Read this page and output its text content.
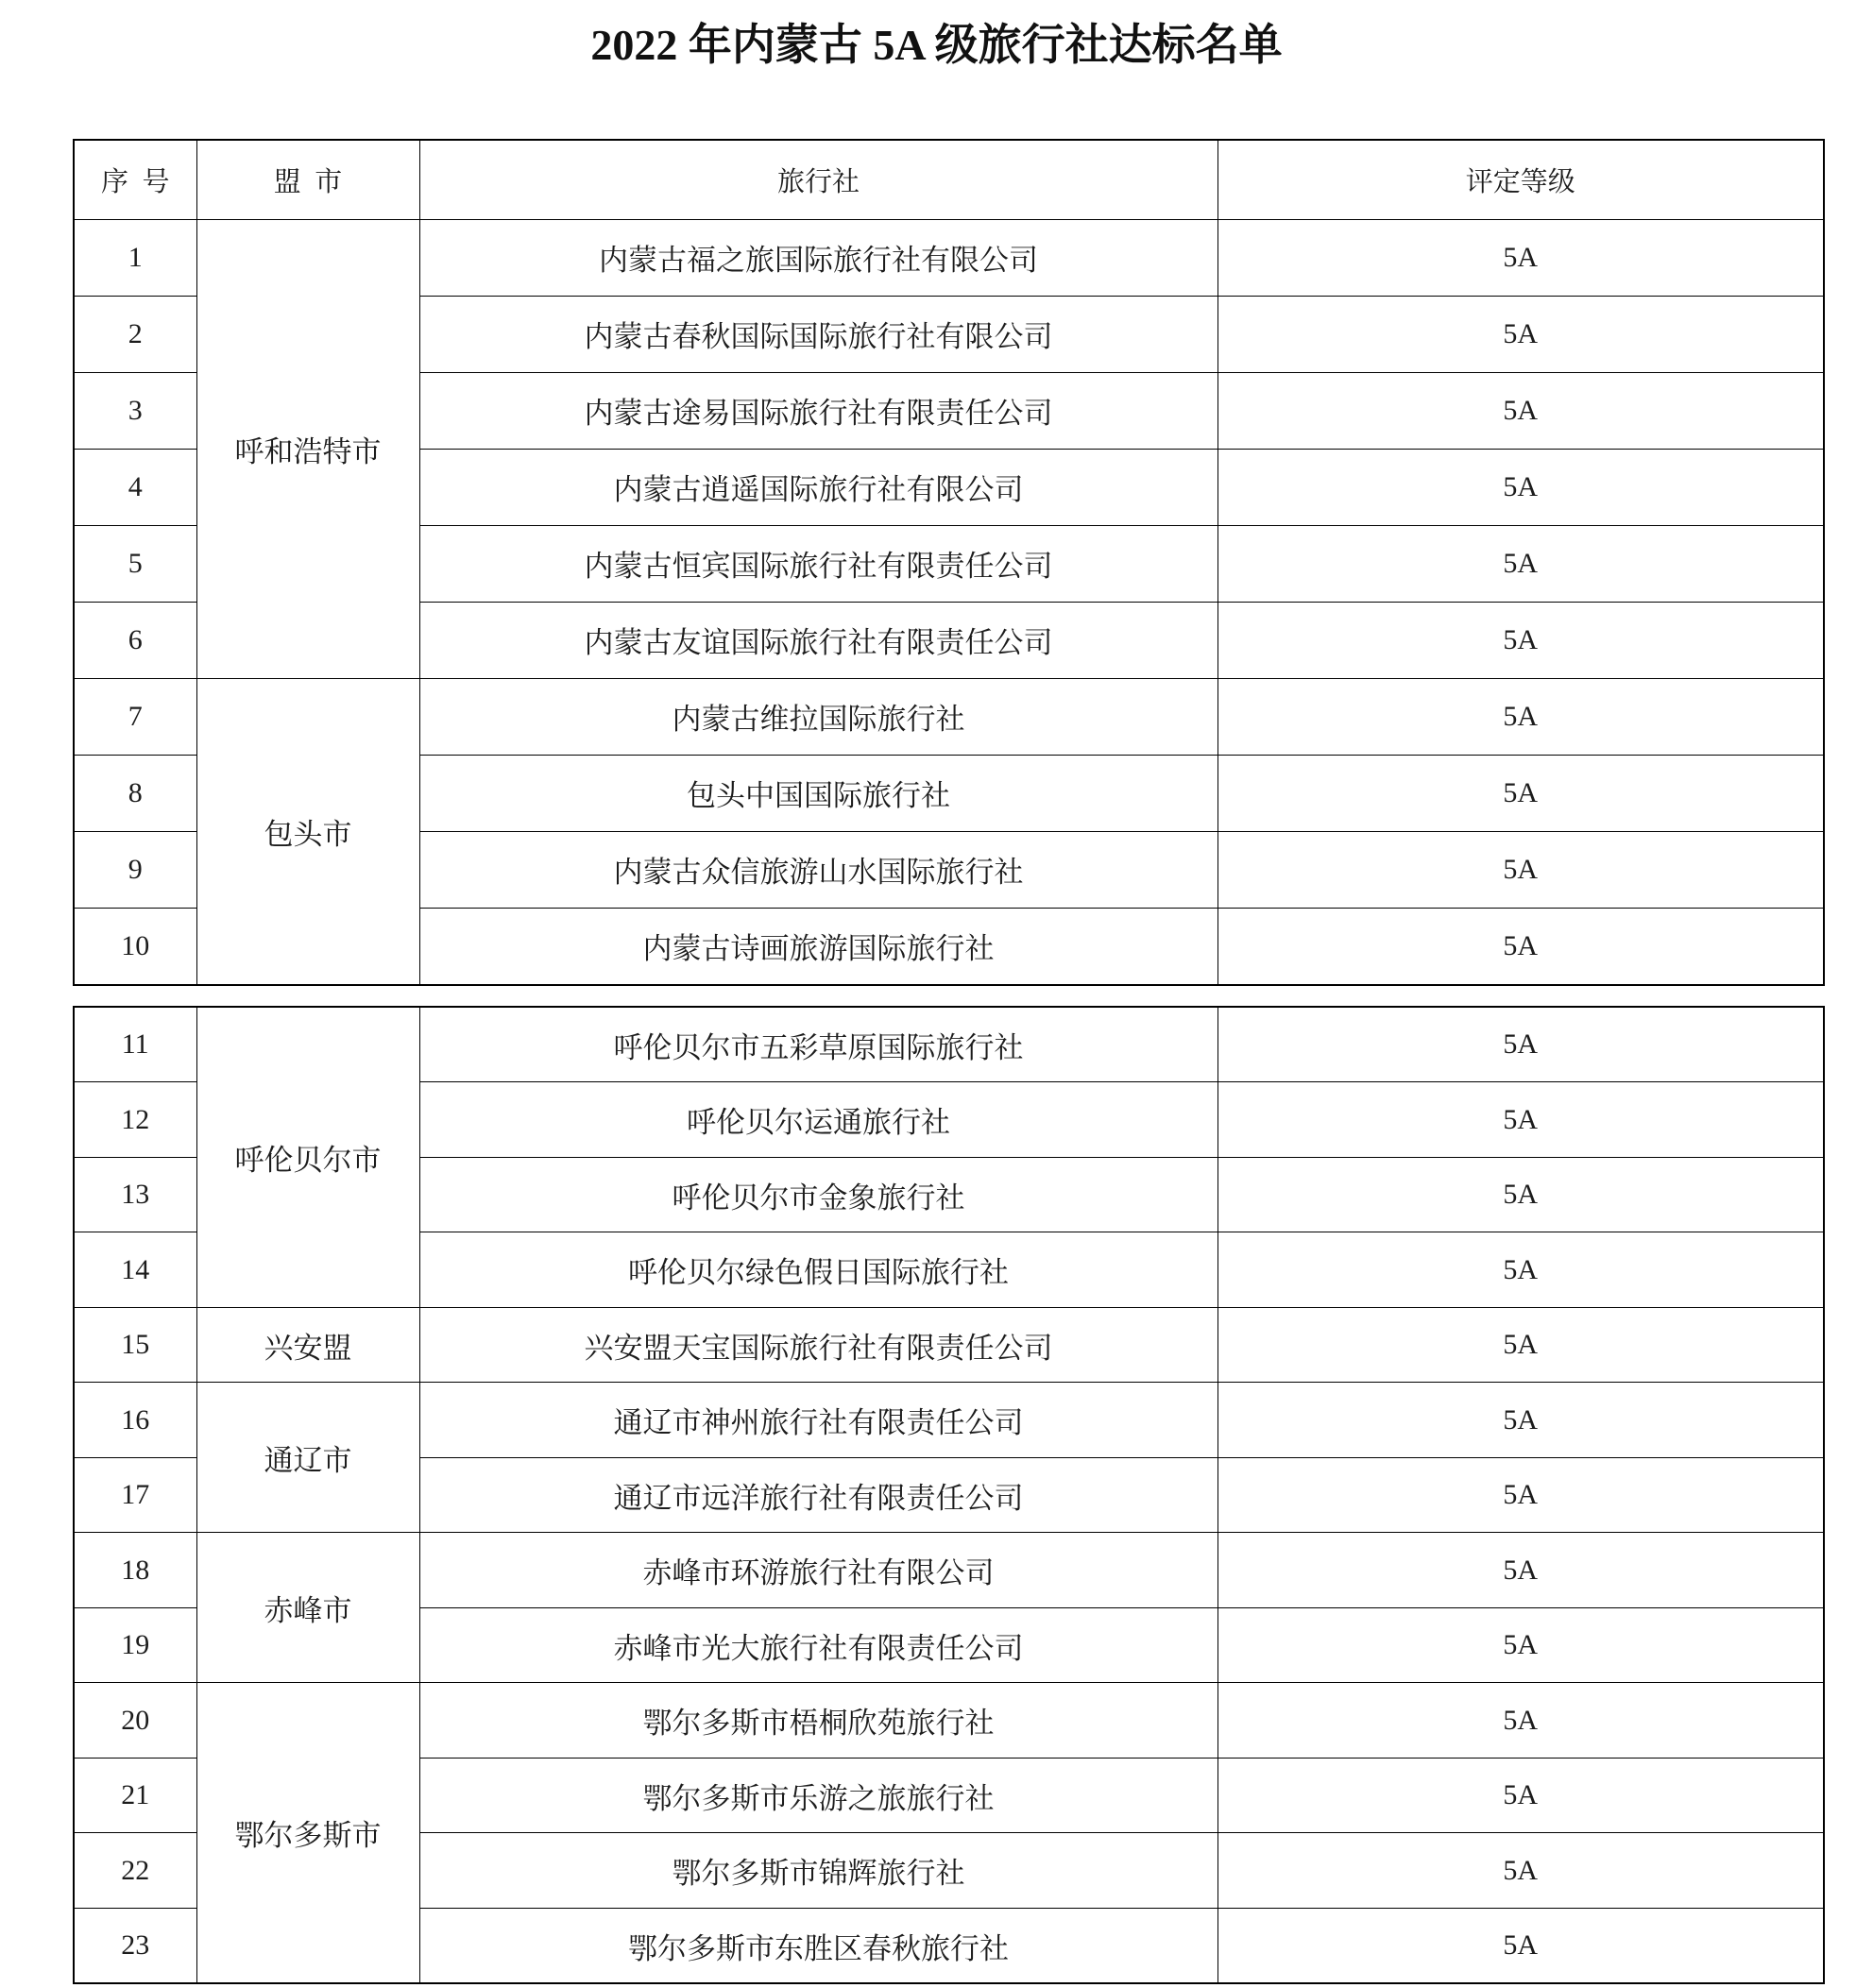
2022 年内蒙古 5A 级旅行社达标名单
序  号	盟  市	旅行社	评定等级
1	呼和浩特市	内蒙古福之旅国际旅行社有限公司	5A
2		内蒙古春秋国际国际旅行社有限公司	5A
3		内蒙古途易国际旅行社有限责任公司	5A
4		内蒙古逍遥国际旅行社有限公司	5A
5		内蒙古恒宾国际旅行社有限责任公司	5A
6		内蒙古友谊国际旅行社有限责任公司	5A
7	包头市	内蒙古维拉国际旅行社	5A
8		包头中国国际旅行社	5A
9		内蒙古众信旅游山水国际旅行社	5A
10		内蒙古诗画旅游国际旅行社	5A
11	呼伦贝尔市	呼伦贝尔市五彩草原国际旅行社	5A
12		呼伦贝尔运通旅行社	5A
13		呼伦贝尔市金象旅行社	5A
14		呼伦贝尔绿色假日国际旅行社	5A
15	兴安盟	兴安盟天宝国际旅行社有限责任公司	5A
16	通辽市	通辽市神州旅行社有限责任公司	5A
17		通辽市远洋旅行社有限责任公司	5A
18	赤峰市	赤峰市环游旅行社有限公司	5A
19		赤峰市光大旅行社有限责任公司	5A
20	鄂尔多斯市	鄂尔多斯市梧桐欣苑旅行社	5A
21		鄂尔多斯市乐游之旅旅行社	5A
22		鄂尔多斯市锦辉旅行社	5A
23		鄂尔多斯市东胜区春秋旅行社	5A
